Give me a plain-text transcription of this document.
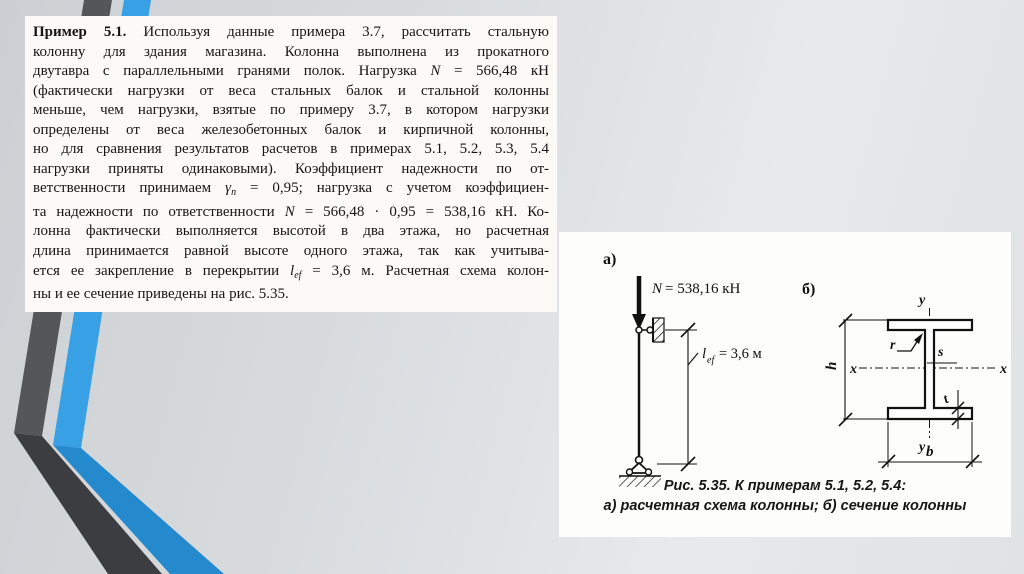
Пример 5.1. Используя данные примера 3.7, рассчитать стальную
колонну для здания магазина. Колонна выполнена из прокатного
двутавра с параллельными гранями полок. Нагрузка N = 566,48 кН
(фактически нагрузки от веса стальных балок и стальной колонны
меньше, чем нагрузки, взятые по примеру 3.7, в котором нагрузки
определены от веса железобетонных балок и кирпичной колонны,
но для сравнения результатов расчетов в примерах 5.1, 5.2, 5.3, 5.4
нагрузки приняты одинаковыми). Коэффициент надежности по от-
ветственности принимаем $\gamma_n = 0,95$; нагрузка с учетом коэффициен-
та надежности по ответственности N = 566,48 · 0,95 = 538,16 кН. Ко-
лонна фактически выполняется высотой в два этажа, но расчетная
длина принимается равной высоте одного этажа, так как учитыва-
ется ее закрепление в перекрытии $l_{ef} = 3,6$ м. Расчетная схема колон-
ны и ее сечение приведены на рис. 5.35.
а)
N = 538,16 кН
l ef = 3,6 м
б)
y
y
x	x
h
b
r	s
t
Рис. 5.35. К примерам 5.1, 5.2, 5.4:
а) расчетная схема колонны; б) сечение колонны
